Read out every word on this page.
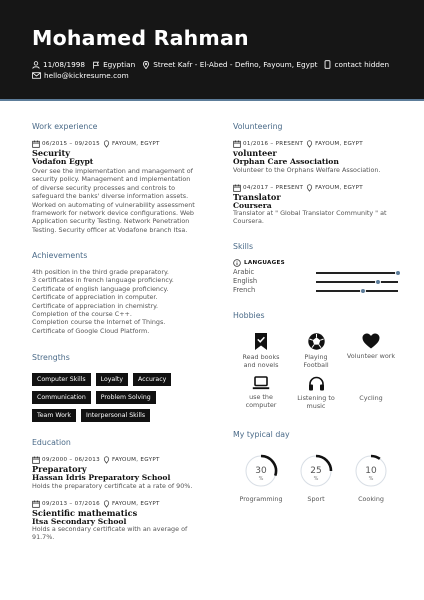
Mohamed Rahman
11/08/1998 Egyptian Street Kafr - El-Abed - Defino, Fayoum, Egypt contact hidden
hello@kickresume.com
Work experience
06/2015 – 09/2015 FAYOUM, EGYPT
Security
Vodafon Egypt
Over see the implementation and management of
security policy. Management and implementation
of diverse security processes and controls to
safeguard the banks' diverse information assets.
Worked on automating of vulnerability assessment
framework for network device configurations. Web
Application security Testing. Network Penetration
Testing. Security officer at Vodafone branch Itsa.
Achievements
4th position in the third grade preparatory.
3 certificates in french language proficiency.
Certificate of english language proficiency.
Certificate of appreciation in computer.
Certificate of appreciation in chemistry.
Completion of the course C++.
Completion course the Internet of Things.
Certificate of Google Cloud Platform.
Strengths
Computer Skills	Loyalty	Accuracy
Communication	Problem Solving
Team Work	Interpersonal Skills
Education
09/2000 – 06/2013 FAYOUM, EGYPT
Preparatory
Hassan Idris Preparatory School
Holds the preparatory certificate at a rate of 90%.
09/2013 – 07/2016 FAYOUM, EGYPT
Scientific mathematics
Itsa Secondary School
Holds a secondary certificate with an average of
91.7%.
Volunteering
01/2016 – PRESENT FAYOUM, EGYPT
volunteer
Orphan Care Association
Volunteer to the Orphans Welfare Association.
04/2017 – PRESENT FAYOUM, EGYPT
Translator
Coursera
Translator at " Global Translator Community " at
Coursera.
Skills
LANGUAGES
Arabic
English
French
Hobbies
Read books
and novels
Playing
Football
Volunteer work
use the
computer
Listening to
music
Cycling
My typical day
30
%
Programming
25
%
Sport
10
%
Cooking
